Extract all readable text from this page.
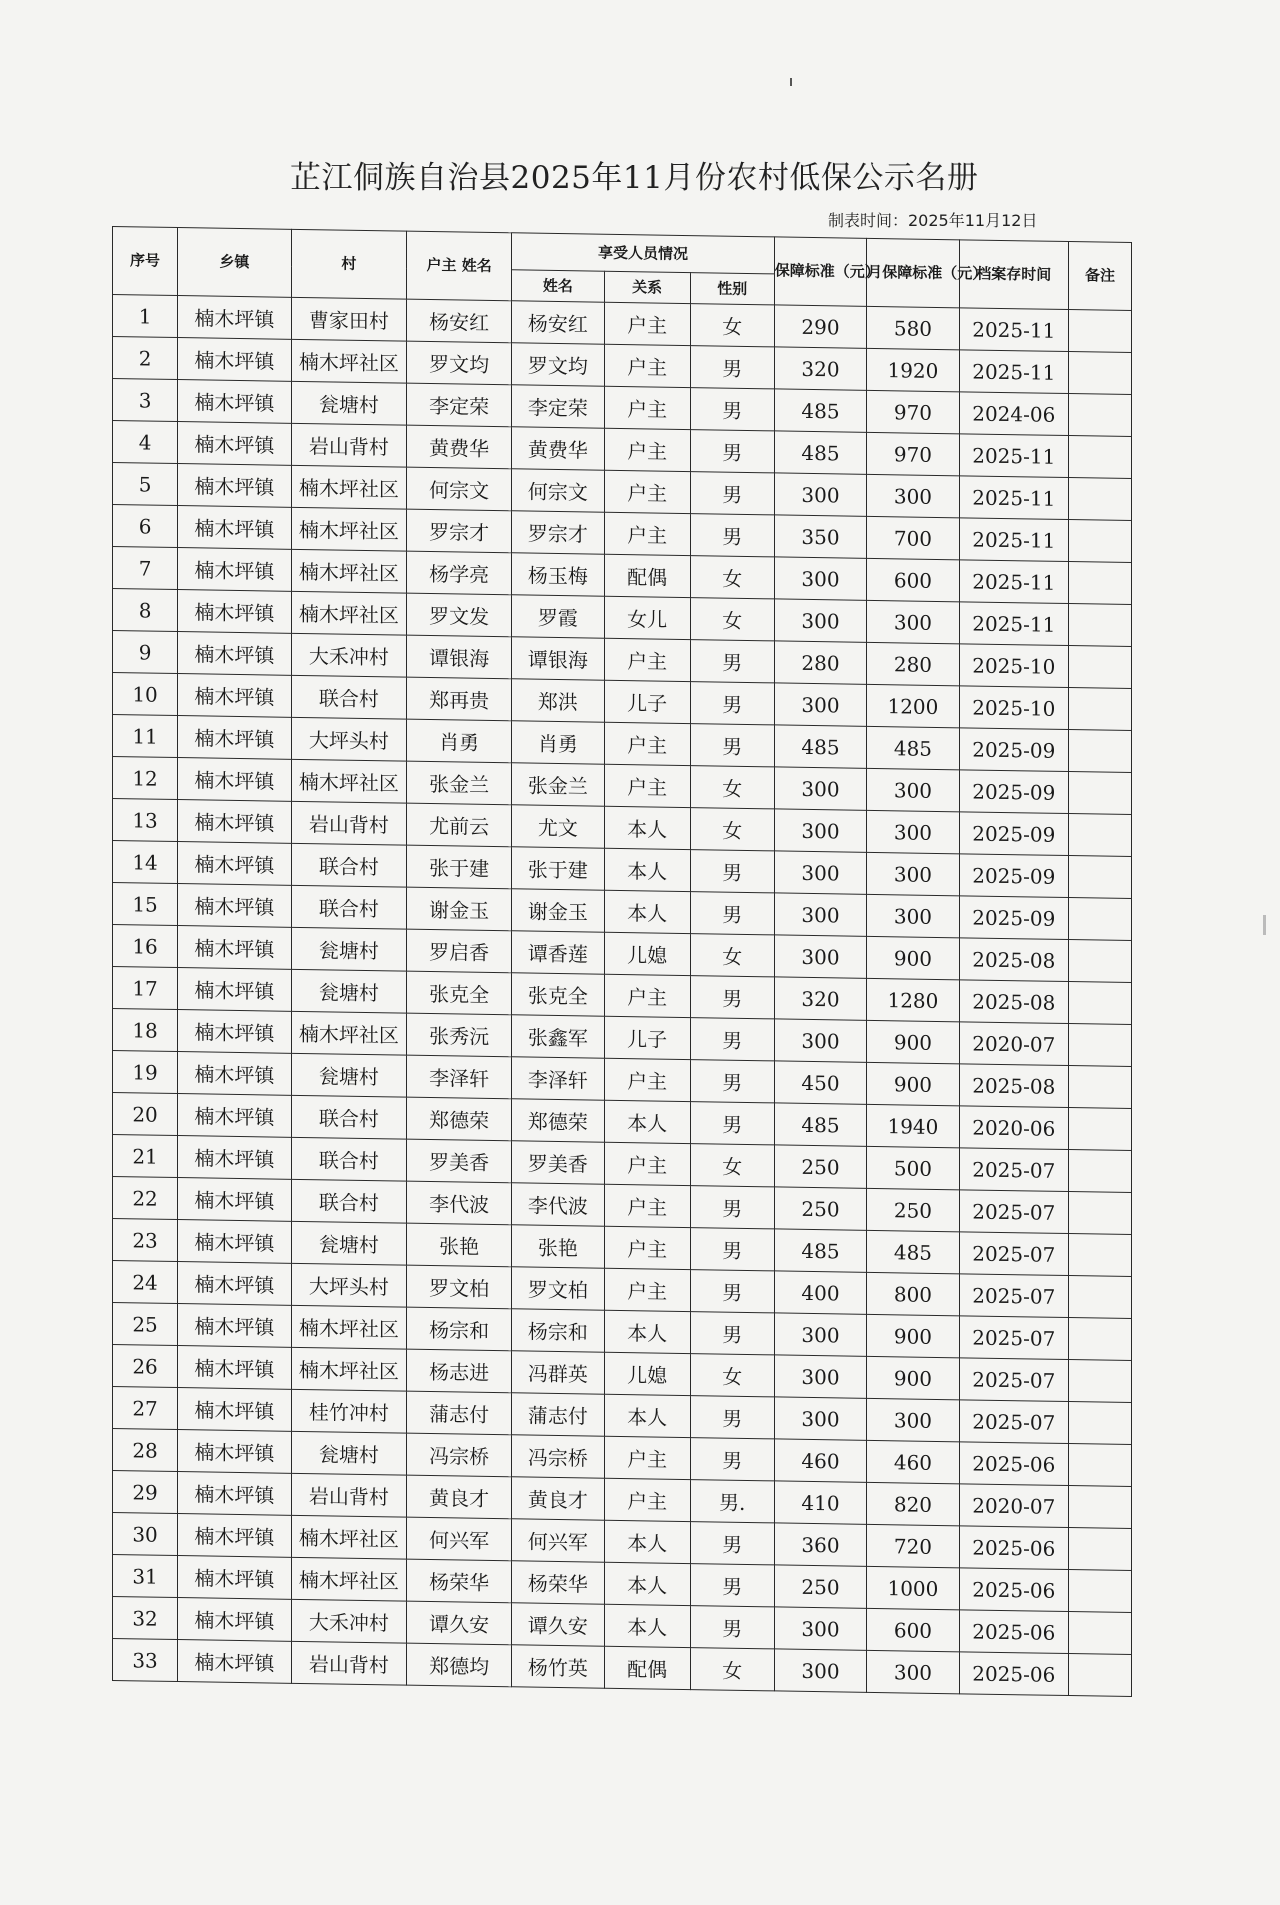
芷江侗族自治县2025年11月份农村低保公示名册
制表时间：2025年11月12日
序号	乡镇	村	户主 姓名	享受人员情况			保障标准（元）	月保障标准（元）	档案存时间	备注
				姓名	关系	性别				
1	楠木坪镇	曹家田村	杨安红	杨安红	户主	女	290	580	2025-11	
2	楠木坪镇	楠木坪社区	罗文均	罗文均	户主	男	320	1920	2025-11	
3	楠木坪镇	瓮塘村	李定荣	李定荣	户主	男	485	970	2024-06	
4	楠木坪镇	岩山背村	黄费华	黄费华	户主	男	485	970	2025-11	
5	楠木坪镇	楠木坪社区	何宗文	何宗文	户主	男	300	300	2025-11	
6	楠木坪镇	楠木坪社区	罗宗才	罗宗才	户主	男	350	700	2025-11	
7	楠木坪镇	楠木坪社区	杨学亮	杨玉梅	配偶	女	300	600	2025-11	
8	楠木坪镇	楠木坪社区	罗文发	罗霞	女儿	女	300	300	2025-11	
9	楠木坪镇	大禾冲村	谭银海	谭银海	户主	男	280	280	2025-10	
10	楠木坪镇	联合村	郑再贵	郑洪	儿子	男	300	1200	2025-10	
11	楠木坪镇	大坪头村	肖勇	肖勇	户主	男	485	485	2025-09	
12	楠木坪镇	楠木坪社区	张金兰	张金兰	户主	女	300	300	2025-09	
13	楠木坪镇	岩山背村	尤前云	尤文	本人	女	300	300	2025-09	
14	楠木坪镇	联合村	张于建	张于建	本人	男	300	300	2025-09	
15	楠木坪镇	联合村	谢金玉	谢金玉	本人	男	300	300	2025-09	
16	楠木坪镇	瓮塘村	罗启香	谭香莲	儿媳	女	300	900	2025-08	
17	楠木坪镇	瓮塘村	张克全	张克全	户主	男	320	1280	2025-08	
18	楠木坪镇	楠木坪社区	张秀沅	张鑫军	儿子	男	300	900	2020-07	
19	楠木坪镇	瓮塘村	李泽轩	李泽轩	户主	男	450	900	2025-08	
20	楠木坪镇	联合村	郑德荣	郑德荣	本人	男	485	1940	2020-06	
21	楠木坪镇	联合村	罗美香	罗美香	户主	女	250	500	2025-07	
22	楠木坪镇	联合村	李代波	李代波	户主	男	250	250	2025-07	
23	楠木坪镇	瓮塘村	张艳	张艳	户主	男	485	485	2025-07	
24	楠木坪镇	大坪头村	罗文柏	罗文柏	户主	男	400	800	2025-07	
25	楠木坪镇	楠木坪社区	杨宗和	杨宗和	本人	男	300	900	2025-07	
26	楠木坪镇	楠木坪社区	杨志进	冯群英	儿媳	女	300	900	2025-07	
27	楠木坪镇	桂竹冲村	蒲志付	蒲志付	本人	男	300	300	2025-07	
28	楠木坪镇	瓮塘村	冯宗桥	冯宗桥	户主	男	460	460	2025-06	
29	楠木坪镇	岩山背村	黄良才	黄良才	户主	男.	410	820	2020-07	
30	楠木坪镇	楠木坪社区	何兴军	何兴军	本人	男	360	720	2025-06	
31	楠木坪镇	楠木坪社区	杨荣华	杨荣华	本人	男	250	1000	2025-06	
32	楠木坪镇	大禾冲村	谭久安	谭久安	本人	男	300	600	2025-06	
33	楠木坪镇	岩山背村	郑德均	杨竹英	配偶	女	300	300	2025-06	
